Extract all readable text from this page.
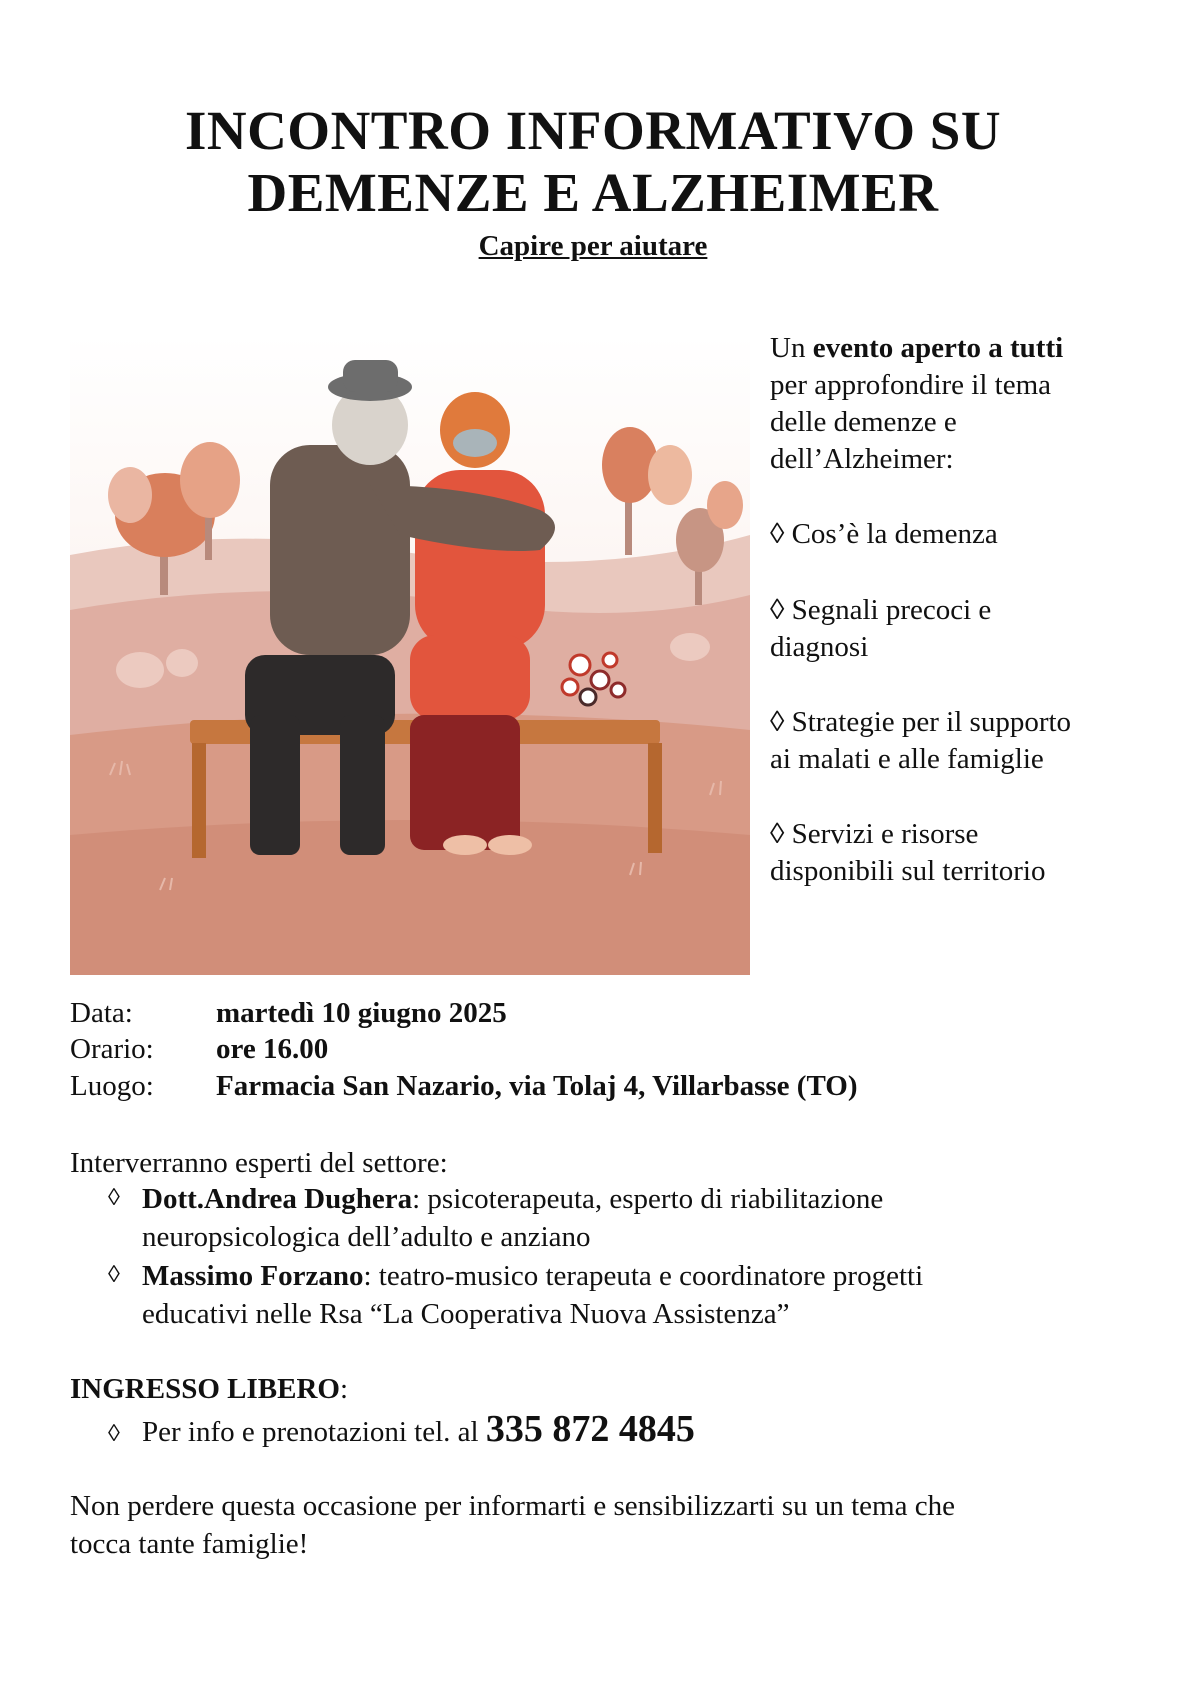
INCONTRO INFORMATIVO SU
DEMENZE E ALZHEIMER
Capire per aiutare
Un evento aperto a tutti
per approfondire il tema
delle demenze e
dell’Alzheimer:
◊ Cos’è la demenza
◊ Segnali precoci e
diagnosi
◊ Strategie per il supporto
ai malati e alle famiglie
◊ Servizi e risorse
disponibili sul territorio
Data:	martedì 10 giugno 2025
Orario: ore 16.00
Luogo: Farmacia San Nazario, via Tolaj 4, Villarbasse (TO)
Interverranno esperti del settore:
◊ Dott.Andrea Dughera: psicoterapeuta, esperto di riabilitazione
neuropsicologica dell’adulto e anziano
◊ Massimo Forzano: teatro-musico terapeuta e coordinatore progetti
educativi nelle Rsa “La Cooperativa Nuova Assistenza”
INGRESSO LIBERO:
◊ Per info e prenotazioni tel. al 335 872 4845
Non perdere questa occasione per informarti e sensibilizzarti su un tema che
tocca tante famiglie!
